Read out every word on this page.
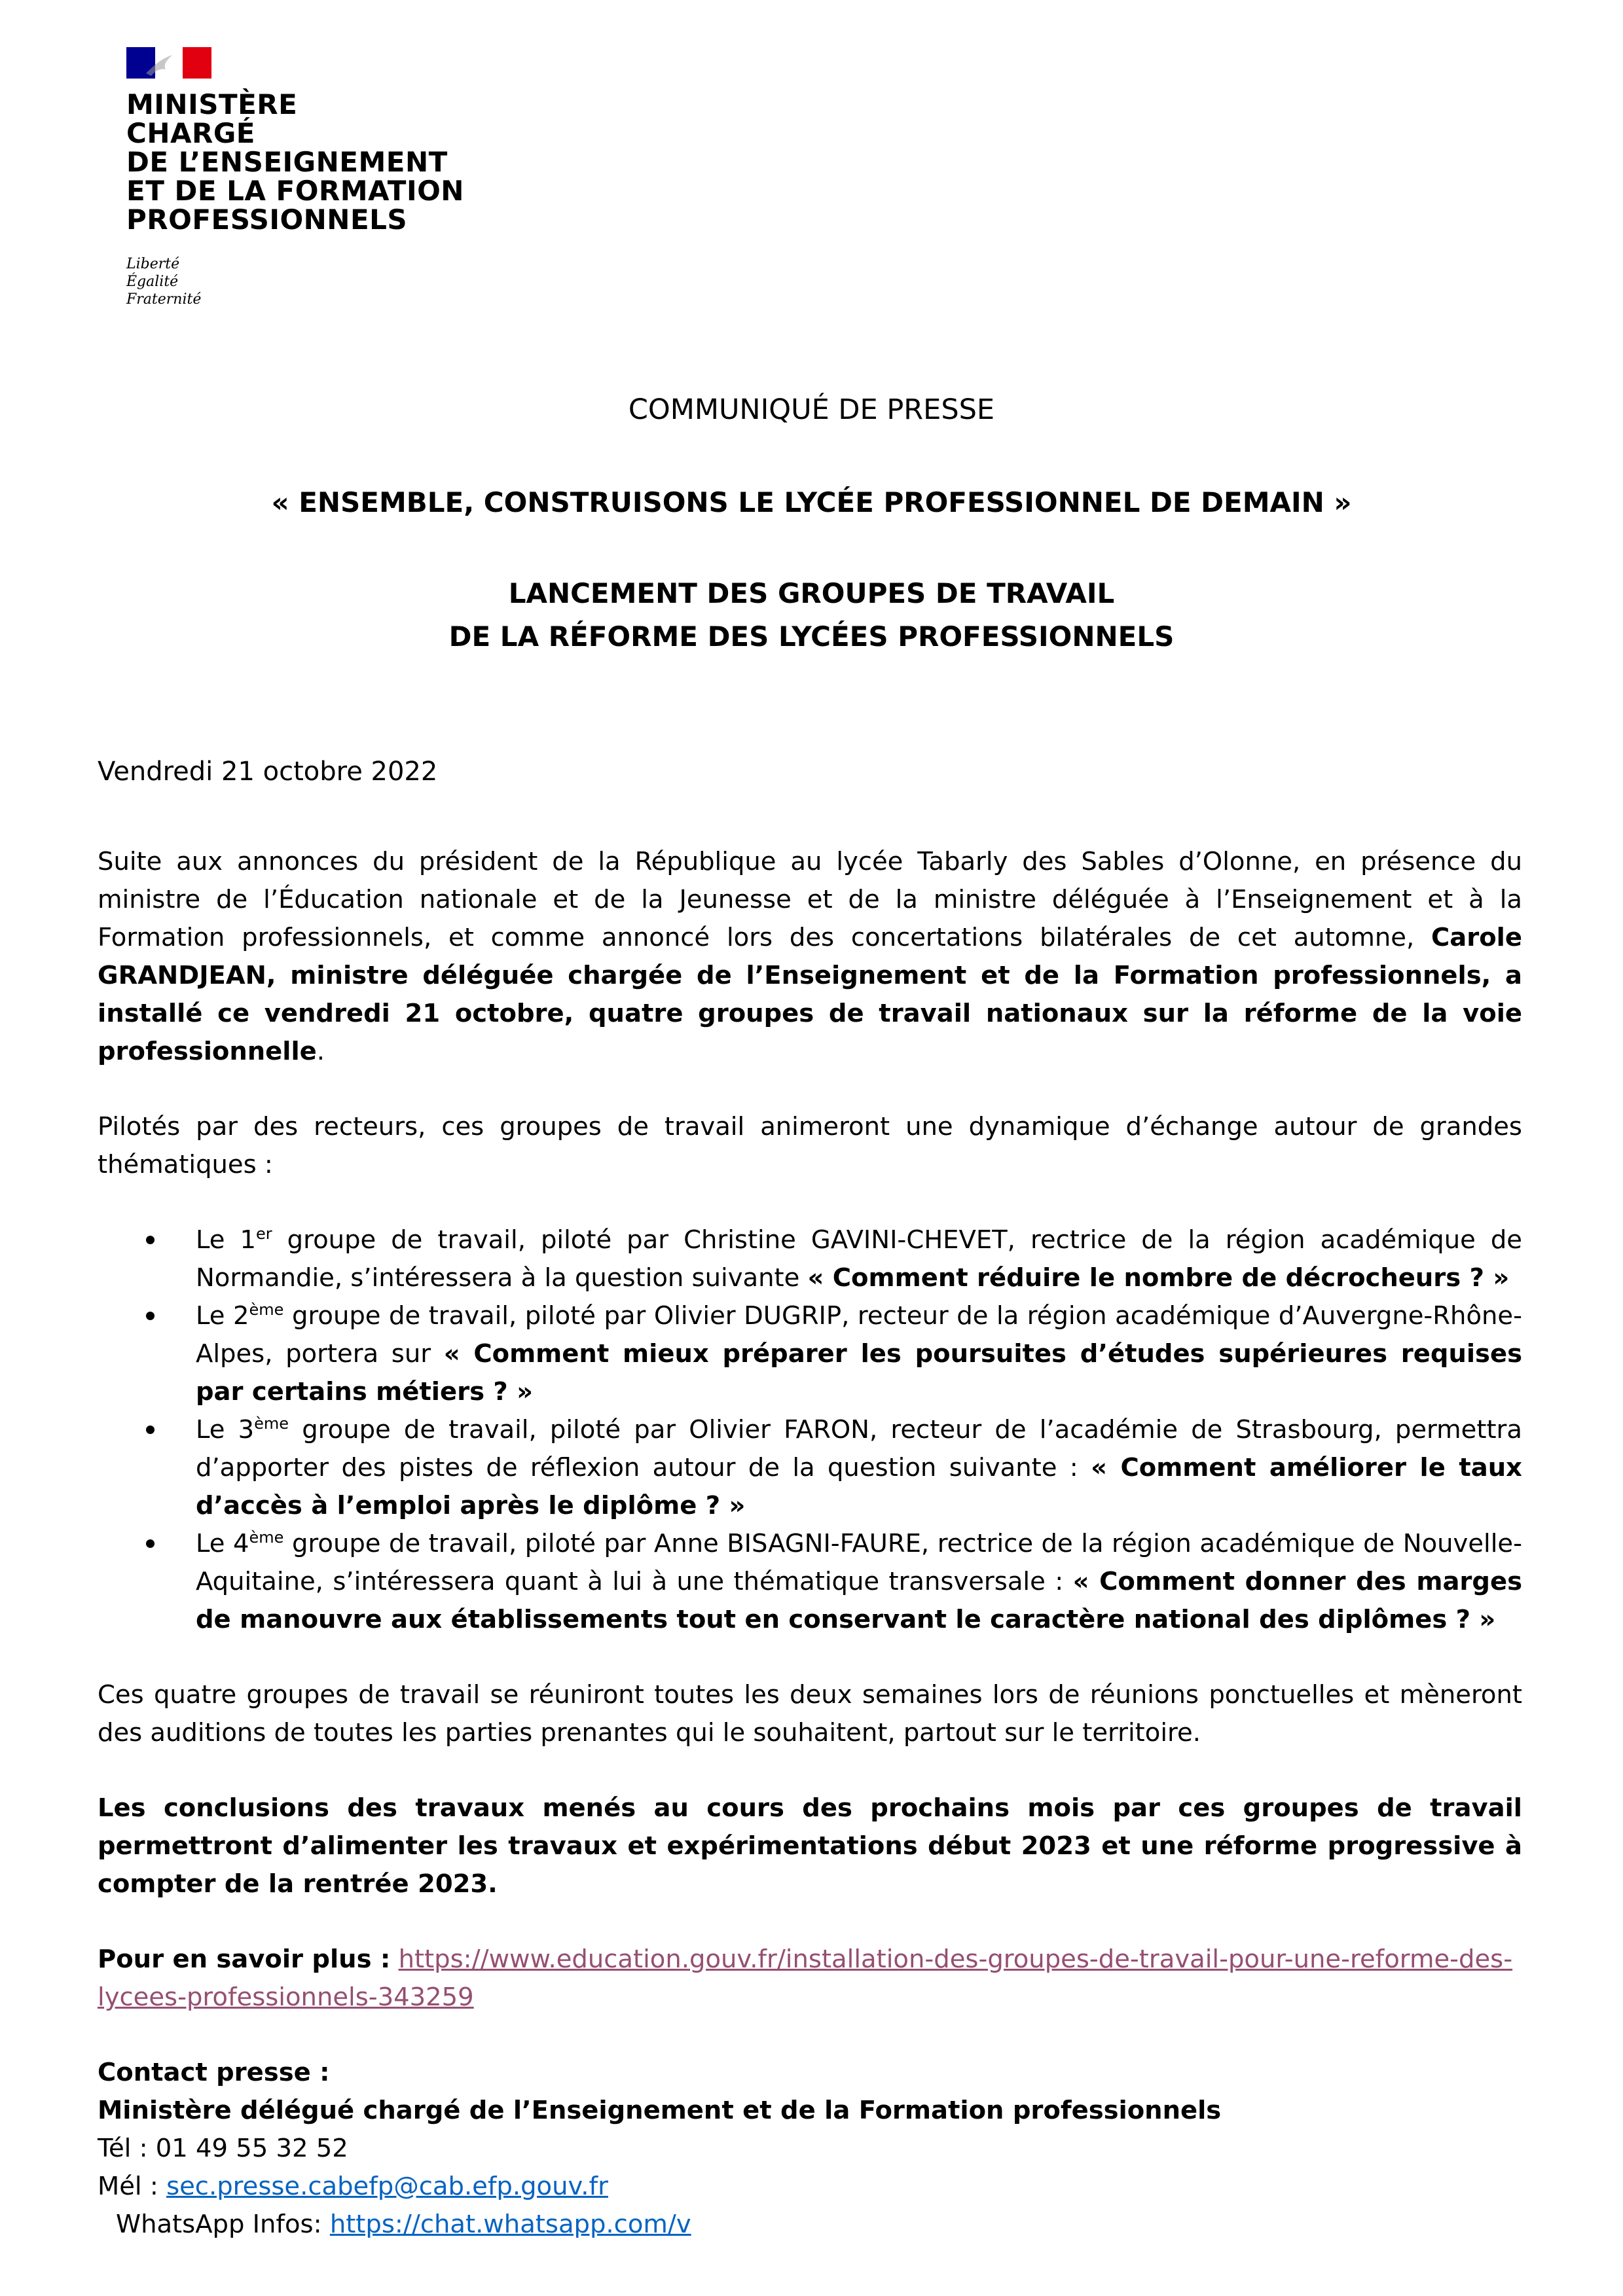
MINISTÈRE
CHARGÉ
DE L’ENSEIGNEMENT
ET DE LA FORMATION
PROFESSIONNELS
Liberté
Égalité
Fraternité
COMMUNIQUÉ DE PRESSE
« ENSEMBLE, CONSTRUISONS LE LYCÉE PROFESSIONNEL DE DEMAIN »
LANCEMENT DES GROUPES DE TRAVAIL
DE LA RÉFORME DES LYCÉES PROFESSIONNELS
Vendredi 21 octobre 2022

Suite aux annonces du président de la République au lycée Tabarly des Sables d’Olonne, en présence du ministre de l’Éducation nationale et de la Jeunesse et de la ministre déléguée à l’Enseignement et à la Formation professionnels, et comme annoncé lors des concertations bilatérales de cet automne, Carole GRANDJEAN, ministre déléguée chargée de l’Enseignement et de la Formation professionnels, a installé ce vendredi 21 octobre, quatre groupes de travail nationaux sur la réforme de la voie professionnelle.

Pilotés par des recteurs, ces groupes de travail animeront une dynamique d’échange autour de grandes thématiques :

Le 1er groupe de travail, piloté par Christine GAVINI-CHEVET, rectrice de la région académique de Normandie, s’intéressera à la question suivante « Comment réduire le nombre de décrocheurs ? »
Le 2ème groupe de travail, piloté par Olivier DUGRIP, recteur de la région académique d’Auvergne-Rhône-Alpes, portera sur « Comment mieux préparer les poursuites d’études supérieures requises par certains métiers ? »
Le 3ème groupe de travail, piloté par Olivier FARON, recteur de l’académie de Strasbourg, permettra d’apporter des pistes de réflexion autour de la question suivante : « Comment améliorer le taux d’accès à l’emploi après le diplôme ? »
Le 4ème groupe de travail, piloté par Anne BISAGNI-FAURE, rectrice de la région académique de Nouvelle-Aquitaine, s’intéressera quant à lui à une thématique transversale : « Comment donner des marges de manouvre aux établissements tout en conservant le caractère national des diplômes ? »

Ces quatre groupes de travail se réuniront toutes les deux semaines lors de réunions ponctuelles et mèneront des auditions de toutes les parties prenantes qui le souhaitent, partout sur le territoire.

Les conclusions des travaux menés au cours des prochains mois par ces groupes de travail permettront d’alimenter les travaux et expérimentations début 2023 et une réforme progressive à compter de la rentrée 2023.

Pour en savoir plus : https://www.education.gouv.fr/installation-des-groupes-de-travail-pour-une-reforme-des-lycees-professionnels-343259

Contact presse :
Ministère délégué chargé de l’Enseignement et de la Formation professionnels
Tél : 01 49 55 32 52
Mél : sec.presse.cabefp@cab.efp.gouv.fr
WhatsApp Infos: https://chat.whatsapp.com/v
